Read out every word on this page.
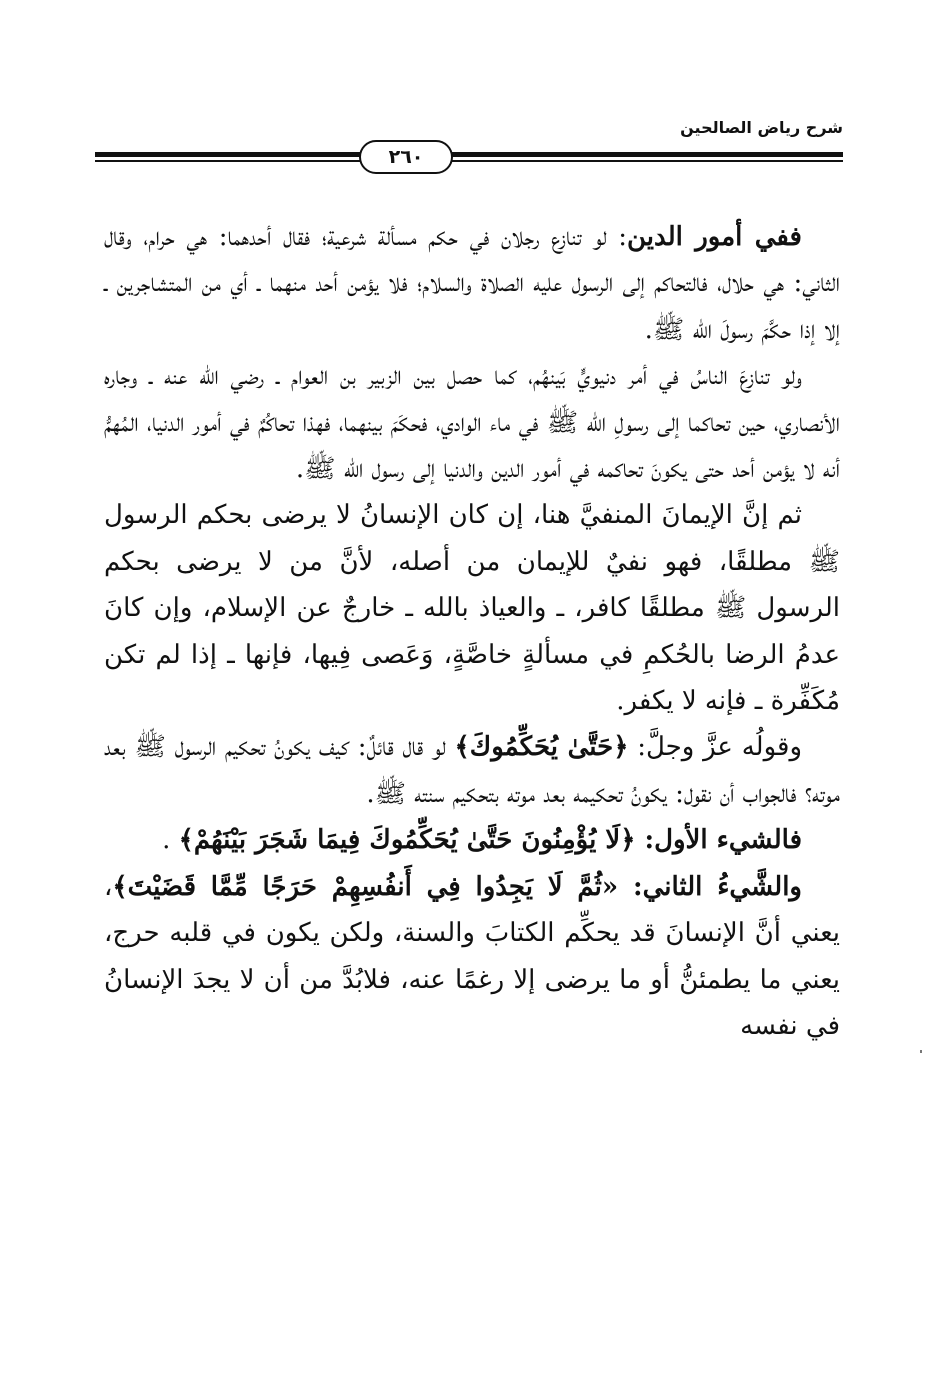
شرح رياض الصالحين
٢٦٠

ففي أمور الدين: لو تنازع رجلان في حكم مسألة شرعية؛ فقال أحدهما: هي حرام، وقال الثاني: هي حلال، فالتحاكم إلى الرسول عليه الصلاة والسلام؛ فلا يؤمن أحد منهما ـ أي من المتشاجرين ـ إلا إذا حكَّمَ رسولَ الله ﷺ.

ولو تنازعَ الناسُ في أمر دنيويٍّ بَينهُم، كما حصل بين الزبير بن العوام ـ رضي الله عنه ـ وجاره الأنصاري، حين تحاكما إلى رسولِ الله ﷺ في ماء الوادي، فحكَمَ بينهما، فهذا تحاكُمٌ في أمور الدنيا، المُهمُّ أنه لا يؤمن أحد حتى يكونَ تحاكمه في أمور الدين والدنيا إلى رسول الله ﷺ.

ثم إنَّ الإيمانَ المنفيَّ هنا، إن كان الإنسانُ لا يرضى بحكم الرسول ﷺ مطلقًا، فهو نفيٌ للإيمان من أصله، لأنَّ من لا يرضى بحكم الرسول ﷺ مطلقًا كافر، ـ والعياذ بالله ـ خارجٌ عن الإسلام، وإن كانَ عدمُ الرضا بالحُكمِ في مسألةٍ خاصَّةٍ، وَعَصى فِيها، فإنها ـ إذا لم تكن مُكَفِّرة ـ فإنه لا يكفر.

وقولُه عزَّ وجلَّ: ﴿حَتَّىٰ يُحَكِّمُوكَ﴾ لو قال قائلٌ: كيف يكونُ تحكيم الرسول ﷺ بعد موته؟ فالجواب أن نقول: يكونُ تحكيمه بعد موته بتحكيم سنته ﷺ.

فالشيء الأول: ﴿لَا يُؤْمِنُونَ حَتَّىٰ يُحَكِّمُوكَ فِيمَا شَجَرَ بَيْنَهُمْ﴾ .

والشَّيءُ الثاني: «ثُمَّ لَا يَجِدُوا فِي أَنفُسِهِمْ حَرَجًا مِّمَّا قَضَيْتَ﴾، يعني أنَّ الإنسانَ قد يحكِّم الكتابَ والسنة، ولكن يكون في قلبه حرج، يعني ما يطمئنُّ أو ما يرضى إلا رغمًا عنه، فلابُدَّ من أن لا يجدَ الإنسانُ في نفسه
